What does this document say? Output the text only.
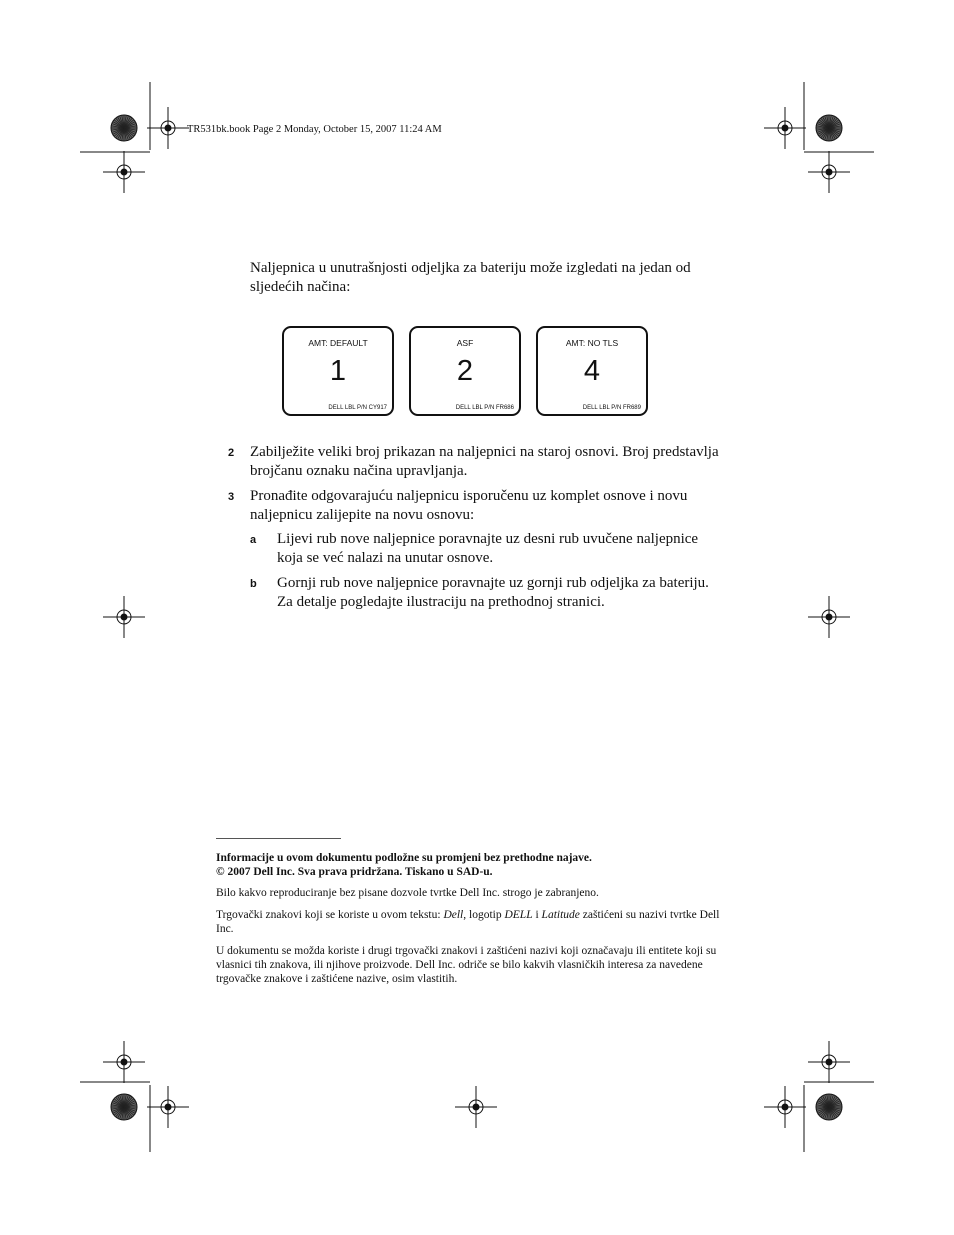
TR531bk.book Page 2 Monday, October 15, 2007 11:24 AM
Naljepnica u unutrašnjosti odjeljka za bateriju može izgledati na jedan od sljedećih načina:
AMT: DEFAULT
1
DELL LBL P/N CY917
ASF
2
DELL LBL P/N FR686
AMT: NO TLS
4
DELL LBL P/N FR689
2 Zabilježite veliki broj prikazan na naljepnici na staroj osnovi. Broj predstavlja brojčanu oznaku načina upravljanja.
3 Pronađite odgovarajuću naljepnicu isporučenu uz komplet osnove i novu naljepnicu zalijepite na novu osnovu:
a Lijevi rub nove naljepnice poravnajte uz desni rub uvučene naljepnice koja se već nalazi na unutar osnove.
b Gornji rub nove naljepnice poravnajte uz gornji rub odjeljka za bateriju. Za detalje pogledajte ilustraciju na prethodnoj stranici.
Informacije u ovom dokumentu podložne su promjeni bez prethodne najave.
© 2007 Dell Inc. Sva prava pridržana. Tiskano u SAD-u.
Bilo kakvo reproduciranje bez pisane dozvole tvrtke Dell Inc. strogo je zabranjeno.
Trgovački znakovi koji se koriste u ovom tekstu: Dell, logotip DELL i Latitude zaštićeni su nazivi tvrtke Dell Inc.
U dokumentu se možda koriste i drugi trgovački znakovi i zaštićeni nazivi koji označavaju ili entitete koji su vlasnici tih znakova, ili njihove proizvode. Dell Inc. odriče se bilo kakvih vlasničkih interesa za navedene trgovačke znakove i zaštićene nazive, osim vlastitih.
